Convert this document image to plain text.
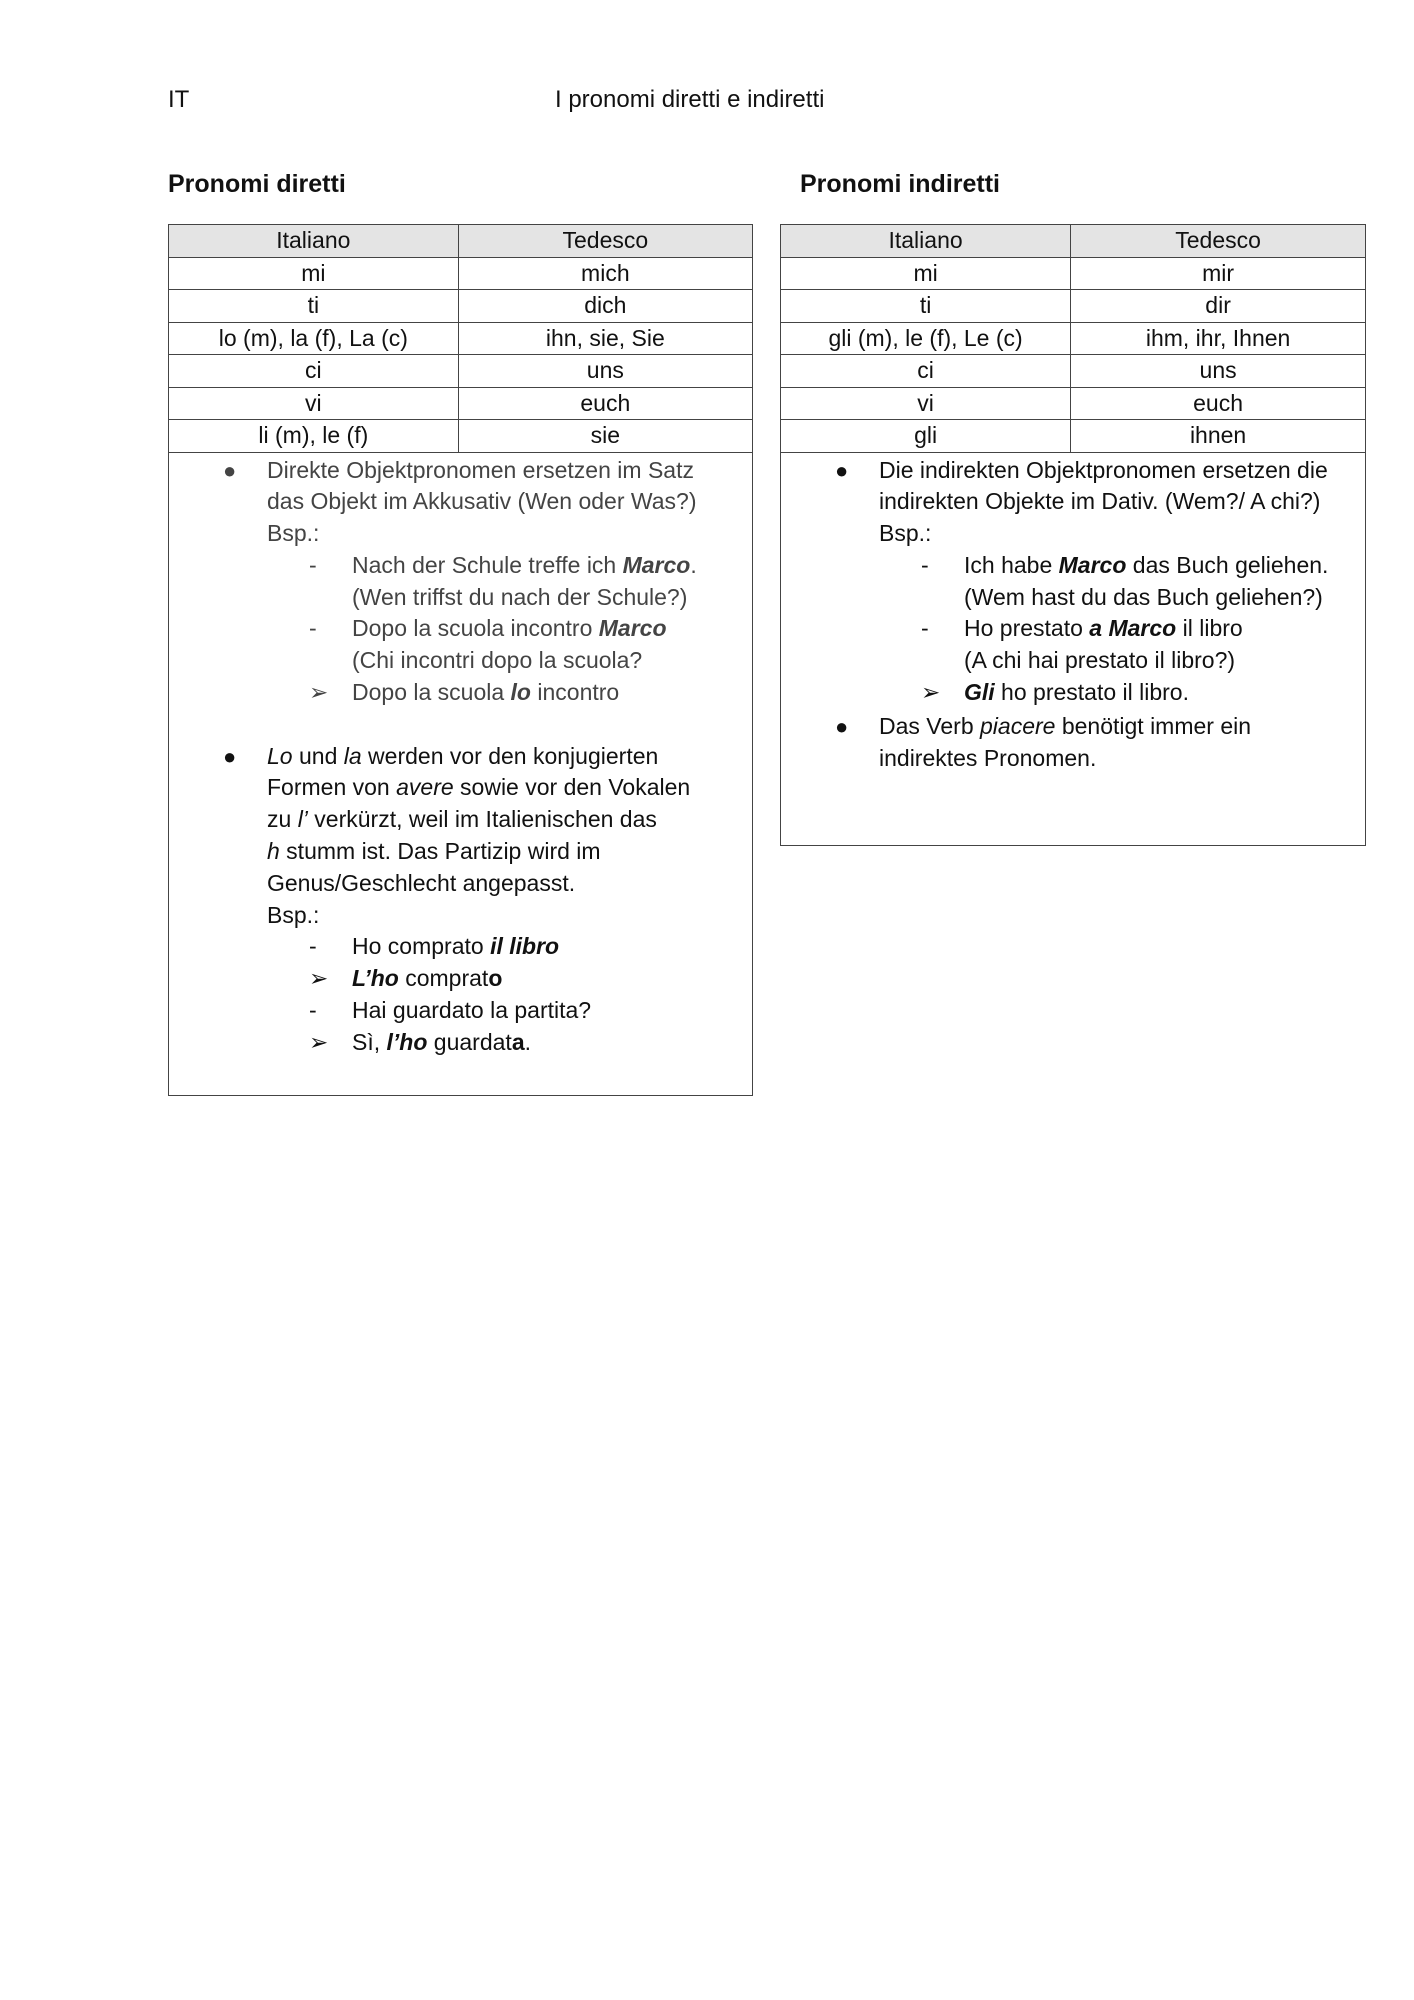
IT	I pronomi diretti e indiretti
Pronomi diretti	Pronomi indiretti
Italiano	Tedesco
mi	mich
ti	dich
lo (m), la (f), La (c)	ihn, sie, Sie
ci	uns
vi	euch
li (m), le (f)	sie
● Direkte Objektpronomen ersetzen im Satz
das Objekt im Akkusativ (Wen oder Was?)
Bsp.:
- Nach der Schule treffe ich Marco.
(Wen triffst du nach der Schule?)
- Dopo la scuola incontro Marco
(Chi incontri dopo la scuola?
➢ Dopo la scuola lo incontro
● Lo und la werden vor den konjugierten
Formen von avere sowie vor den Vokalen
zu l’ verkürzt, weil im Italienischen das
h stumm ist. Das Partizip wird im
Genus/Geschlecht angepasst.
Bsp.:
- Ho comprato il libro
➢ L’ho comprato
- Hai guardato la partita?
➢ Sì, l’ho guardata.
Italiano	Tedesco
mi	mir
ti	dir
gli (m), le (f), Le (c)	ihm, ihr, Ihnen
ci	uns
vi	euch
gli	ihnen
● Die indirekten Objektpronomen ersetzen die
indirekten Objekte im Dativ. (Wem?/ A chi?)
Bsp.:
- Ich habe Marco das Buch geliehen.
(Wem hast du das Buch geliehen?)
- Ho prestato a Marco il libro
(A chi hai prestato il libro?)
➢ Gli ho prestato il libro.
● Das Verb piacere benötigt immer ein
indirektes Pronomen.
